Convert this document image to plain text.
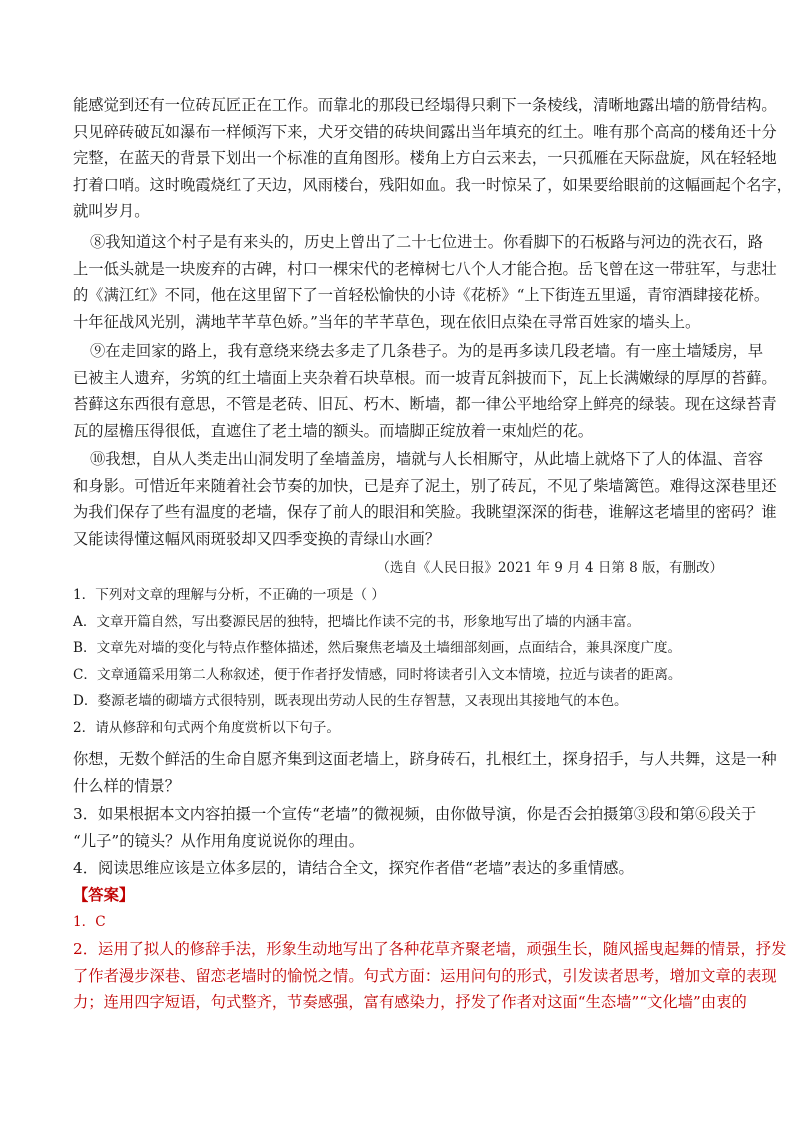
能感觉到还有一位砖瓦匠正在工作。而靠北的那段已经塌得只剩下一条棱线，清晰地露出墙的筋骨结构。
只见碎砖破瓦如瀑布一样倾泻下来，犬牙交错的砖块间露出当年填充的红土。唯有那个高高的楼角还十分
完整，在蓝天的背景下划出一个标准的直角图形。楼角上方白云来去，一只孤雁在天际盘旋，风在轻轻地
打着口哨。这时晚霞烧红了天边，风雨楼台，残阳如血。我一时惊呆了，如果要给眼前的这幅画起个名字，
就叫岁月。
⑧我知道这个村子是有来头的，历史上曾出了二十七位进士。你看脚下的石板路与河边的洗衣石，路
上一低头就是一块废弃的古碑，村口一棵宋代的老樟树七八个人才能合抱。岳飞曾在这一带驻军，与悲壮
的《满江红》不同，他在这里留下了一首轻松愉快的小诗《花桥》“上下街连五里遥，青帘酒肆接花桥。
十年征战风光别，满地芊芊草色娇。”当年的芊芊草色，现在依旧点染在寻常百姓家的墙头上。
⑨在走回家的路上，我有意绕来绕去多走了几条巷子。为的是再多读几段老墙。有一座土墙矮房，早
已被主人遗弃，劣筑的红土墙面上夹杂着石块草根。而一坡青瓦斜披而下，瓦上长满嫩绿的厚厚的苔藓。
苔藓这东西很有意思，不管是老砖、旧瓦、朽木、断墙，都一律公平地给穿上鲜亮的绿装。现在这绿苔青
瓦的屋檐压得很低，直遮住了老土墙的额头。而墙脚正绽放着一束灿烂的花。
⑩我想，自从人类走出山洞发明了垒墙盖房，墙就与人长相厮守，从此墙上就烙下了人的体温、音容
和身影。可惜近年来随着社会节奏的加快，已是弃了泥土，别了砖瓦，不见了柴墙篱笆。难得这深巷里还
为我们保存了些有温度的老墙，保存了前人的眼泪和笑脸。我眺望深深的街巷，谁解这老墙里的密码？谁
又能读得懂这幅风雨斑驳却又四季变换的青绿山水画？
（选自《人民日报》2021 年 9 月 4 日第 8 版，有删改）
1．下列对文章的理解与分析，不正确的一项是（ ）
A．文章开篇自然，写出婺源民居的独特，把墙比作读不完的书，形象地写出了墙的内涵丰富。
B．文章先对墙的变化与特点作整体描述，然后聚焦老墙及土墙细部刻画，点面结合，兼具深度广度。
C．文章通篇采用第二人称叙述，便于作者抒发情感，同时将读者引入文本情境，拉近与读者的距离。
D．婺源老墙的砌墙方式很特别，既表现出劳动人民的生存智慧，又表现出其接地气的本色。
2．请从修辞和句式两个角度赏析以下句子。
你想，无数个鲜活的生命自愿齐集到这面老墙上，跻身砖石，扎根红土，探身招手，与人共舞，这是一种
什么样的情景？
3．如果根据本文内容拍摄一个宣传“老墙”的微视频，由你做导演，你是否会拍摄第③段和第⑥段关于
“儿子”的镜头？从作用角度说说你的理由。
4．阅读思维应该是立体多层的，请结合全文，探究作者借“老墙”表达的多重情感。
【答案】
1．C
2．运用了拟人的修辞手法，形象生动地写出了各种花草齐聚老墙，顽强生长，随风摇曳起舞的情景，抒发
了作者漫步深巷、留恋老墙时的愉悦之情。句式方面：运用问句的形式，引发读者思考，增加文章的表现
力；连用四字短语，句式整齐，节奏感强，富有感染力，抒发了作者对这面“生态墙”“文化墙”由衷的
